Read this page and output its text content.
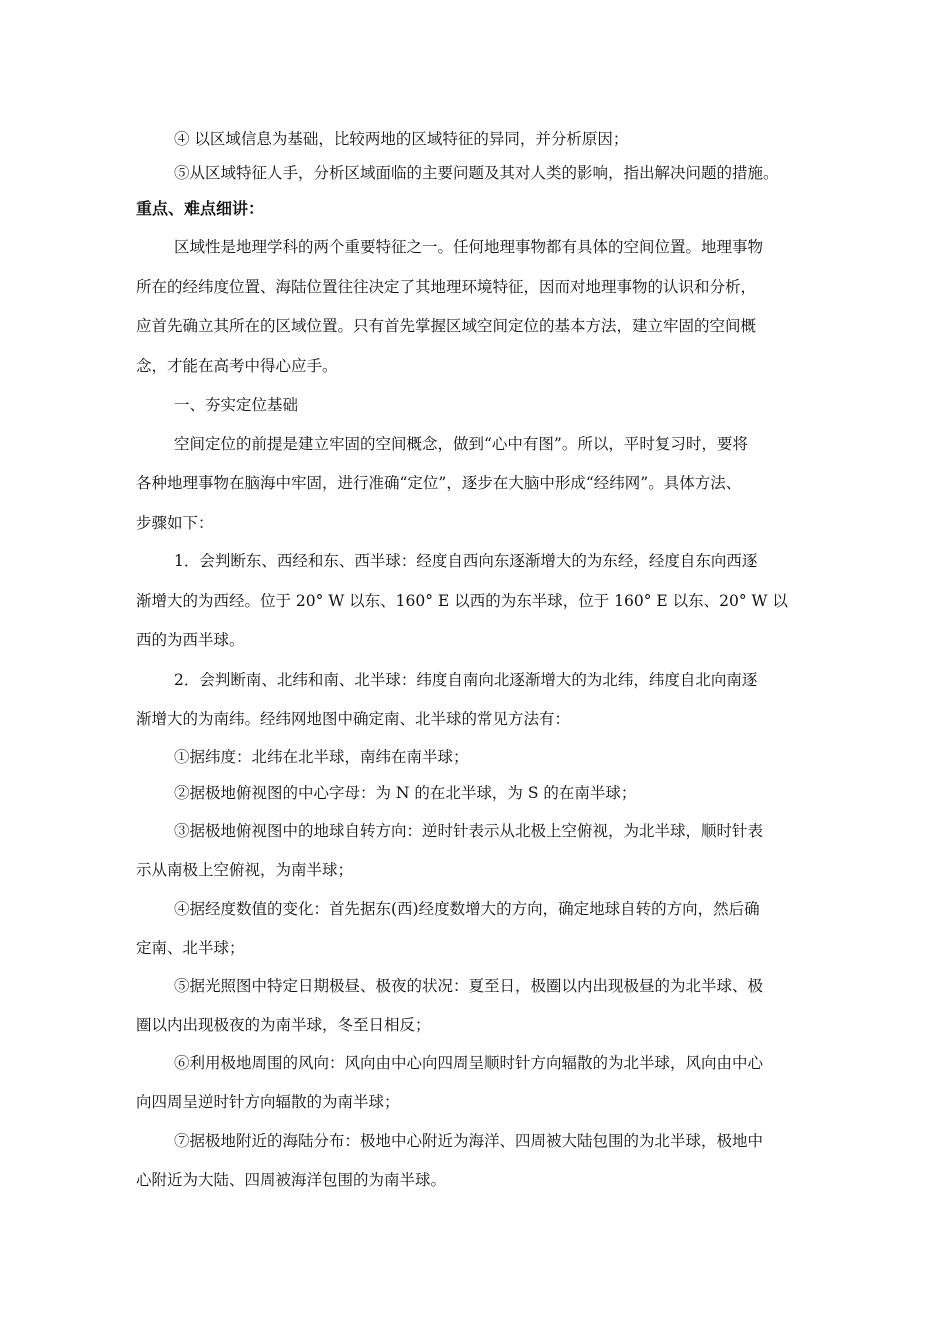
④ 以区域信息为基础，比较两地的区域特征的异同，并分析原因；
⑤从区域特征人手，分析区域面临的主要问题及其对人类的影响，指出解决问题的措施。
重点、难点细讲：
区域性是地理学科的两个重要特征之一。任何地理事物都有具体的空间位置。地理事物
所在的经纬度位置、海陆位置往往决定了其地理环境特征，因而对地理事物的认识和分析，
应首先确立其所在的区域位置。只有首先掌握区域空间定位的基本方法，建立牢固的空间概
念，才能在高考中得心应手。
一、夯实定位基础
空间定位的前提是建立牢固的空间概念，做到“心中有图”。所以，平时复习时，要将
各种地理事物在脑海中牢固，进行准确“定位”，逐步在大脑中形成“经纬网”。具体方法、
步骤如下：
1．会判断东、西经和东、西半球：经度自西向东逐渐增大的为东经，经度自东向西逐
渐增大的为西经。位于 20° W 以东、160° E 以西的为东半球，位于 160° E 以东、20° W 以
西的为西半球。
2．会判断南、北纬和南、北半球：纬度自南向北逐渐增大的为北纬，纬度自北向南逐
渐增大的为南纬。经纬网地图中确定南、北半球的常见方法有：
①据纬度：北纬在北半球，南纬在南半球；
②据极地俯视图的中心字母：为 N 的在北半球，为 S 的在南半球；
③据极地俯视图中的地球自转方向：逆时针表示从北极上空俯视，为北半球，顺时针表
示从南极上空俯视，为南半球；
④据经度数值的变化：首先据东(西)经度数增大的方向，确定地球自转的方向，然后确
定南、北半球；
⑤据光照图中特定日期极昼、极夜的状况：夏至日，极圈以内出现极昼的为北半球、极
圈以内出现极夜的为南半球，冬至日相反；
⑥利用极地周围的风向：风向由中心向四周呈顺时针方向辐散的为北半球，风向由中心
向四周呈逆时针方向辐散的为南半球；
⑦据极地附近的海陆分布：极地中心附近为海洋、四周被大陆包围的为北半球，极地中
心附近为大陆、四周被海洋包围的为南半球。
